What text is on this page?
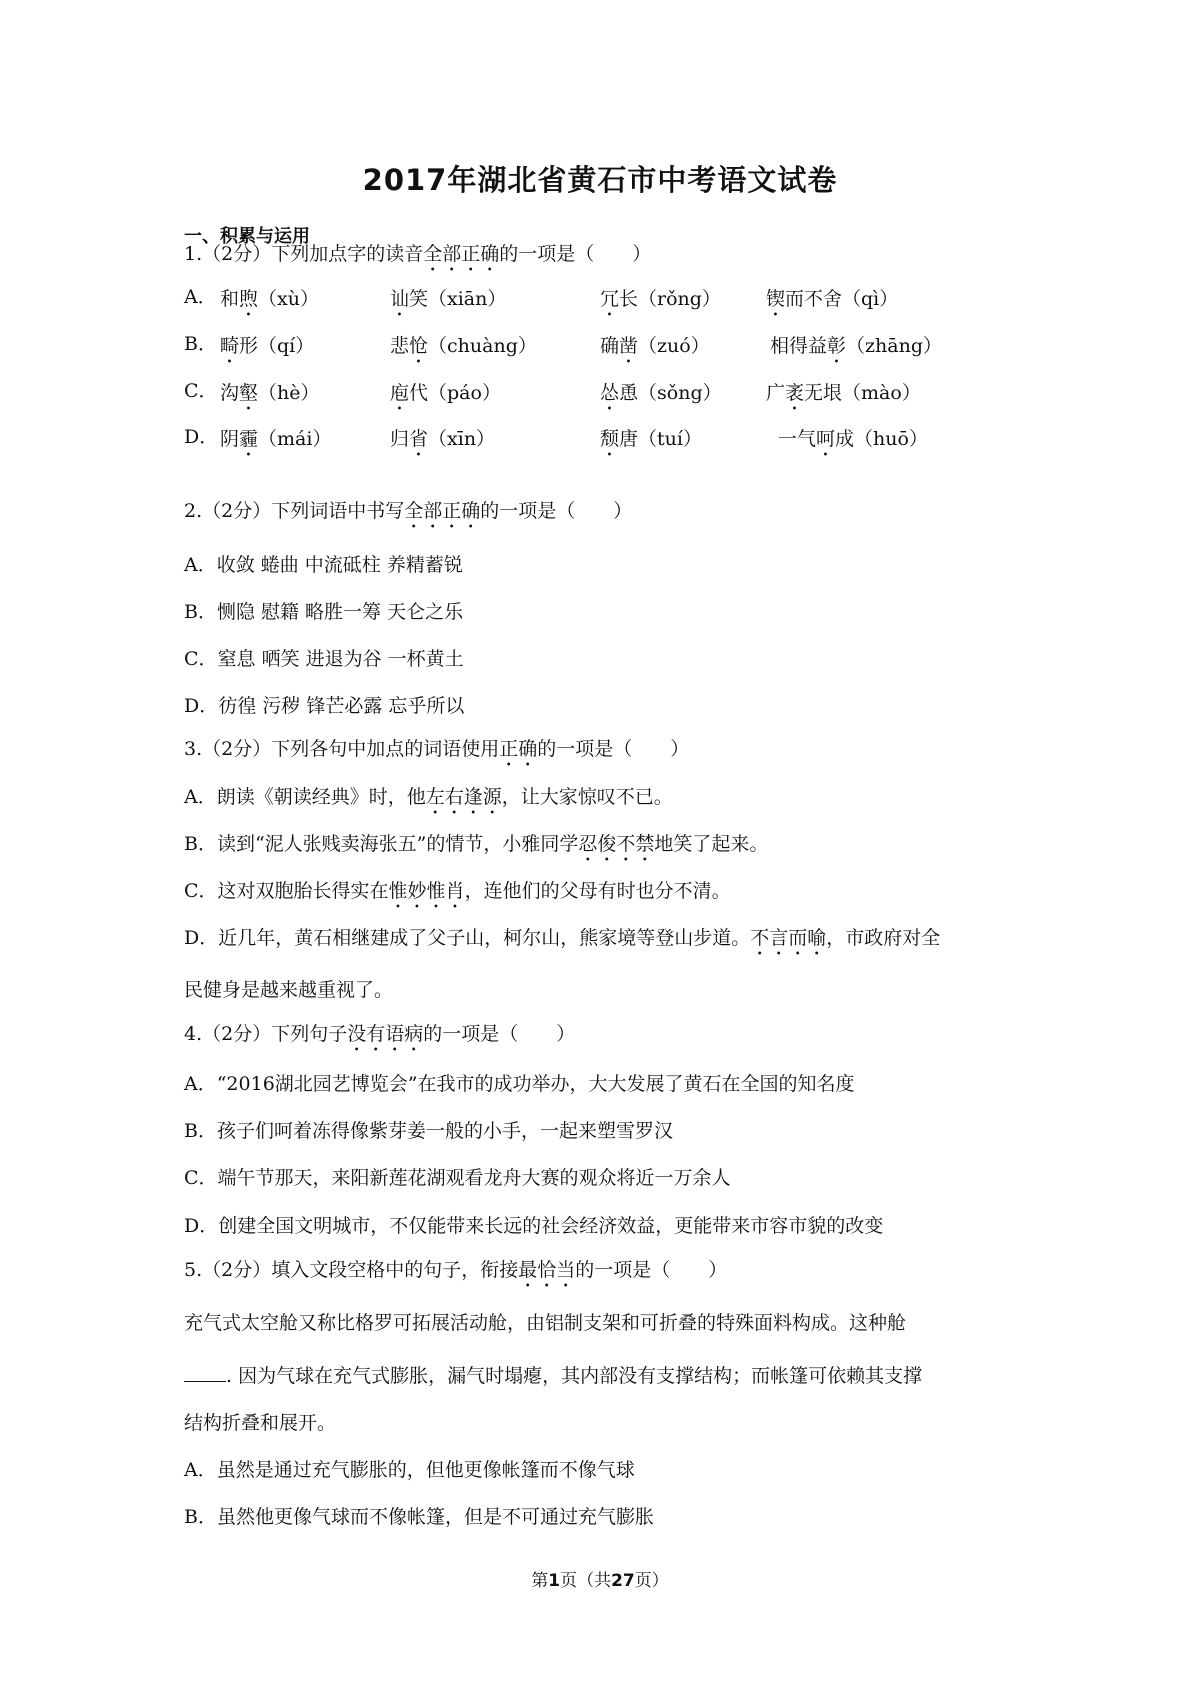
2017年湖北省黄石市中考语文试卷
一、积累与运用
1.（2分）下列加点字的读音全部正确的一项是（　　）
A． 和煦（xù）	讪笑（xiān）	冗长（rǒng） 锲而不舍（qì）
B． 畸形（qí）	悲怆（chuàng）	确凿（zuó）	相得益彰（zhāng）
C． 沟壑（hè）	庖代（páo）	怂恿（sǒng） 广袤无垠（mào）
D． 阴霾（mái）	归省（xīn）	颓唐（tuí）	一气呵成（huō）
2.（2分）下列词语中书写全部正确的一项是（　　）
A．收敛 蜷曲 中流砥柱 养精蓄锐
B．恻隐 慰籍 略胜一筹 天仑之乐
C．窒息 哂笑 进退为谷 一杯黄土
D．彷徨 污秽 锋芒必露 忘乎所以
3.（2分）下列各句中加点的词语使用正确的一项是（　　）
A．朗读《朝读经典》时，他左右逢源，让大家惊叹不已。
B．读到“泥人张贱卖海张五”的情节，小雅同学忍俊不禁地笑了起来。
C．这对双胞胎长得实在惟妙惟肖，连他们的父母有时也分不清。
D．近几年，黄石相继建成了父子山，柯尔山，熊家境等登山步道。不言而喻，市政府对全
民健身是越来越重视了。
4.（2分）下列句子没有语病的一项是（　　）
A．“2016湖北园艺博览会”在我市的成功举办，大大发展了黄石在全国的知名度
B．孩子们呵着冻得像紫芽姜一般的小手，一起来塑雪罗汉
C．端午节那天，来阳新莲花湖观看龙舟大赛的观众将近一万余人
D．创建全国文明城市，不仅能带来长远的社会经济效益，更能带来市容市貌的改变
5.（2分）填入文段空格中的句子，衔接最恰当的一项是（　　）
充气式太空舱又称比格罗可拓展活动舱，由铝制支架和可折叠的特殊面料构成。这种舱
. 因为气球在充气式膨胀，漏气时塌瘪，其内部没有支撑结构；而帐篷可依赖其支撑
结构折叠和展开。
A．虽然是通过充气膨胀的，但他更像帐篷而不像气球
B．虽然他更像气球而不像帐篷，但是不可通过充气膨胀
第1页（共27页）
